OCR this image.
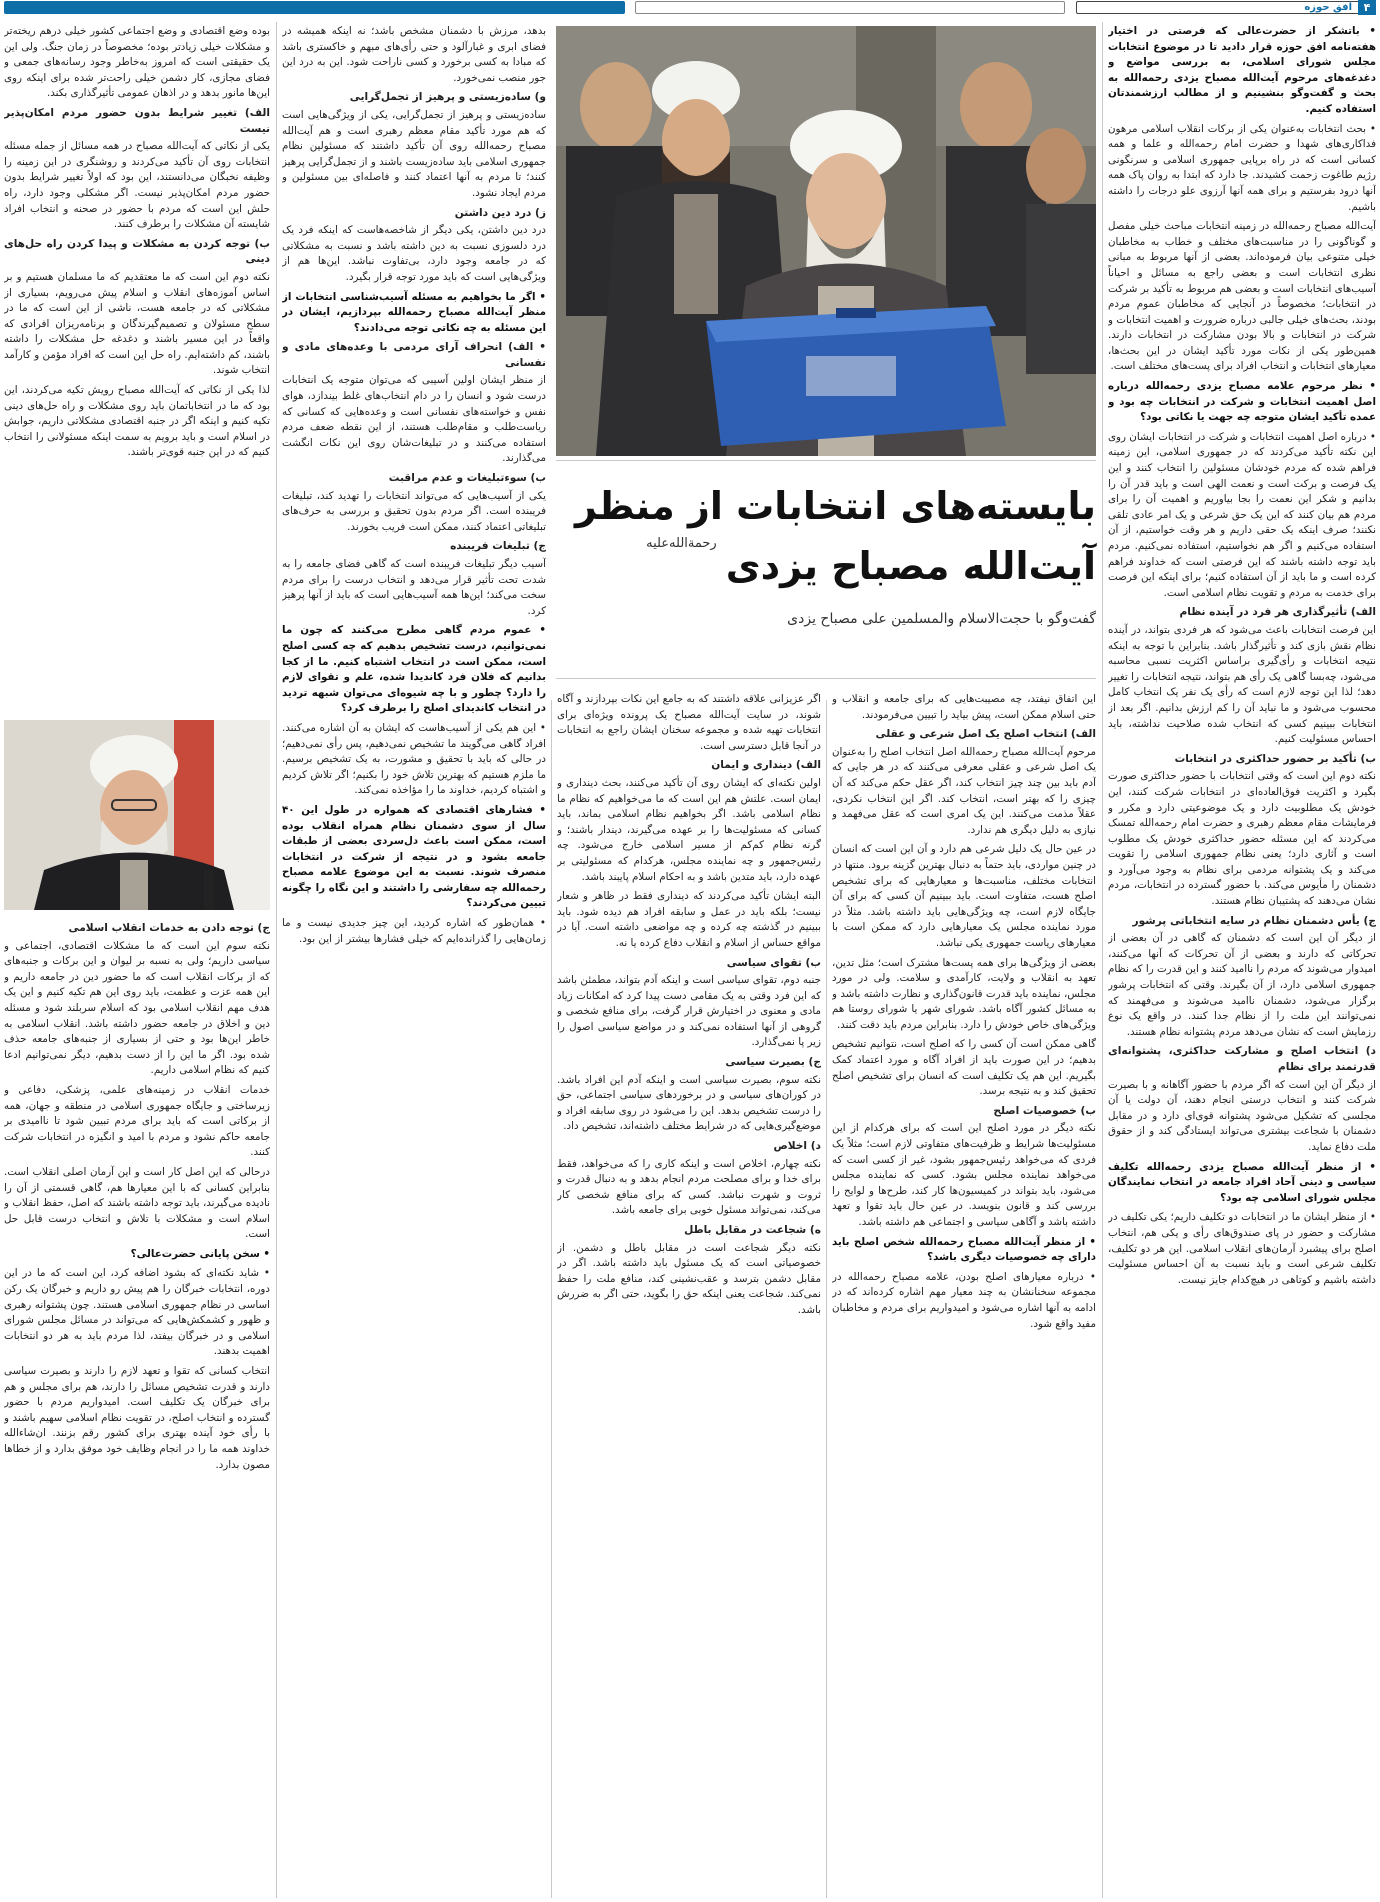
۴
افق حوزه

• باتشکر از حضرت‌عالی که فرصتی در اختیار هفته‌نامه افق حوزه قرار دادید تا در موضوع انتخابات مجلس شورای اسلامی، به بررسی مواضع و دغدغه‌های مرحوم آیت‌الله مصباح یزدی رحمه‌الله به بحث و گفت‌وگو بنشینیم و از مطالب ارزشمندتان استفاده کنیم.

• بحث انتخابات به‌عنوان یکی از برکات انقلاب اسلامی مرهون فداکاری‌های شهدا و حضرت امام رحمه‌الله و علما و همه کسانی است که در راه برپایی جمهوری اسلامی و سرنگونی رژیم طاغوت زحمت کشیدند. جا دارد که ابتدا به روان پاک همه آنها درود بفرستیم و برای همه آنها آرزوی علو درجات را داشته باشیم.

آیت‌الله مصباح رحمه‌الله در زمینه انتخابات مباحث خیلی مفصل و گوناگونی را در مناسبت‌های مختلف و خطاب به مخاطبان خیلی متنوعی بیان فرموده‌اند. بعضی از آنها مربوط به مبانی نظری انتخابات است و بعضی راجع به مسائل و احیاناً آسیب‌های انتخابات است و بعضی هم مربوط به تأکید بر شرکت در انتخابات؛ مخصوصاً در آنجایی که مخاطبان عموم مردم بودند، بحث‌های خیلی جالبی درباره ضرورت و اهمیت انتخابات و شرکت در انتخابات و بالا بودن مشارکت در انتخابات دارند. همین‌طور یکی از نکات مورد تأکید ایشان در این بحث‌ها، معیارهای انتخابات و انتخاب افراد برای پست‌های مختلف است.

• نظر مرحوم علامه مصباح یزدی رحمه‌الله درباره اصل اهمیت انتخابات و شرکت در انتخابات چه بود و عمده تأکید ایشان متوجه چه جهت یا نکاتی بود؟

• درباره اصل اهمیت انتخابات و شرکت در انتخابات ایشان روی این نکته تأکید می‌کردند که در جمهوری اسلامی، این زمینه فراهم شده که مردم خودشان مسئولین را انتخاب کنند و این یک فرصت و برکت است و نعمت الهی است و باید قدر آن را بدانیم و شکر این نعمت را بجا بیاوریم و اهمیت آن را برای مردم هم بیان کنند که این یک حق شرعی و یک امر عادی تلقی نکنند؛ صرف اینکه یک حقی داریم و هر وقت خواستیم، از آن استفاده می‌کنیم و اگر هم نخواستیم، استفاده نمی‌کنیم. مردم باید توجه داشته باشند که این فرصتی است که خداوند فراهم کرده است و ما باید از آن استفاده کنیم؛ برای اینکه این فرصت برای خدمت به مردم و تقویت نظام اسلامی است.

الف) تأثیرگذاری هر فرد در آینده نظام

این فرصت انتخابات باعث می‌شود که هر فردی بتواند، در آینده نظام نقش بازی کند و تأثیرگذار باشد. بنابراین با توجه به اینکه نتیجه انتخابات و رأی‌گیری براساس اکثریت نسبی محاسبه می‌شود، چه‌بسا گاهی یک رأی هم بتواند، نتیجه انتخابات را تغییر دهد؛ لذا این توجه لازم است که رأی یک نفر یک انتخاب کامل محسوب می‌شود و ما نباید آن را کم ارزش بدانیم. اگر بعد از انتخابات ببینیم کسی که انتخاب شده صلاحیت نداشته، باید احساس مسئولیت کنیم.

ب) تأکید بر حضور حداکثری در انتخابات

نکته دوم این است که وقتی انتخابات با حضور حداکثری صورت بگیرد و اکثریت فوق‌العاده‌ای در انتخابات شرکت کنند، این خودش یک مطلوبیت دارد و یک موضوعیتی دارد و مکرر و فرمایشات مقام معظم رهبری و حضرت امام رحمه‌الله تمسک می‌کردند که این مسئله حضور حداکثری خودش یک مطلوب است و آثاری دارد؛ یعنی نظام جمهوری اسلامی را تقویت می‌کند و یک پشتوانه مردمی برای نظام به وجود می‌آورد و دشمنان را مأیوس می‌کند. با حضور گسترده در انتخابات، مردم نشان می‌دهند که پشتیبان نظام هستند.

ج) یأس دشمنان نظام در سایه انتخاباتی پرشور

از دیگر آن این است که دشمنان که گاهی در آن بعضی از تحرکاتی که دارند و بعضی از آن تحرکات که آنها می‌کنند، امیدوار می‌شوند که مردم را ناامید کنند و این قدرت را که نظام جمهوری اسلامی دارد، از آن بگیرند. وقتی که انتخابات پرشور برگزار می‌شود، دشمنان ناامید می‌شوند و می‌فهمند که نمی‌توانند این ملت را از نظام جدا کنند. در واقع یک نوع رزمایش است که نشان می‌دهد مردم پشتوانه نظام هستند.

د) انتخاب اصلح و مشارکت حداکثری، پشتوانه‌ای قدرتمند برای نظام

از دیگر آن این است که اگر مردم با حضور آگاهانه و با بصیرت شرکت کنند و انتخاب درستی انجام دهند، آن دولت یا آن مجلسی که تشکیل می‌شود پشتوانه قوی‌ای دارد و در مقابل دشمنان با شجاعت بیشتری می‌تواند ایستادگی کند و از حقوق ملت دفاع نماید.

• از منظر آیت‌الله مصباح یزدی رحمه‌الله تکلیف سیاسی و دینی آحاد افراد جامعه در انتخاب نمایندگان مجلس شورای اسلامی چه بود؟

• از منظر ایشان ما در انتخابات دو تکلیف داریم؛ یکی تکلیف در مشارکت و حضور در پای صندوق‌های رأی و یکی هم، انتخاب اصلح برای پیشبرد آرمان‌های انقلاب اسلامی. این هر دو تکلیف، تکلیف شرعی است و باید نسبت به آن احساس مسئولیت داشته باشیم و کوتاهی در هیچ‌کدام جایز نیست.

بایسته‌های انتخابات از منظر
آیت‌الله مصباح یزدی $^{رحمة‌الله‌علیه}$
گفت‌وگو با حجت‌الاسلام والمسلمین علی مصباح یزدی

این اتفاق نیفتد، چه مصیبت‌هایی که برای جامعه و انقلاب و حتی اسلام ممکن است، پیش بیاید را تبیین می‌فرمودند.

الف) انتخاب اصلح یک اصل شرعی و عقلی

مرحوم آیت‌الله مصباح رحمه‌الله اصل انتخاب اصلح را به‌عنوان یک اصل شرعی و عقلی معرفی می‌کنند که در هر جایی که آدم باید بین چند چیز انتخاب کند، اگر عقل حکم می‌کند که آن چیزی را که بهتر است، انتخاب کند. اگر این انتخاب نکردی، عقلاً مذمت می‌کنند. این یک امری است که عقل می‌فهمد و نیازی به دلیل دیگری هم ندارد.

در عین حال یک دلیل شرعی هم دارد و آن این است که انسان در چنین مواردی، باید حتماً به دنبال بهترین گزینه برود. منتها در انتخابات مختلف، مناسبت‌ها و معیارهایی که برای تشخیص اصلح هست، متفاوت است. باید ببینیم آن کسی که برای آن جایگاه لازم است، چه ویژگی‌هایی باید داشته باشد. مثلاً در مورد نماینده مجلس یک معیارهایی دارد که ممکن است با معیارهای ریاست جمهوری یکی نباشد.

بعضی از ویژگی‌ها برای همه پست‌ها مشترک است؛ مثل تدین، تعهد به انقلاب و ولایت، کارآمدی و سلامت. ولی در مورد مجلس، نماینده باید قدرت قانون‌گذاری و نظارت داشته باشد و به مسائل کشور آگاه باشد. شورای شهر یا شورای روستا هم ویژگی‌های خاص خودش را دارد. بنابراین مردم باید دقت کنند.

گاهی ممکن است آن کسی را که اصلح است، نتوانیم تشخیص بدهیم؛ در این صورت باید از افراد آگاه و مورد اعتماد کمک بگیریم. این هم یک تکلیف است که انسان برای تشخیص اصلح تحقیق کند و به نتیجه برسد.

ب) خصوصیات اصلح

نکته دیگر در مورد اصلح این است که برای هرکدام از این مسئولیت‌ها شرایط و ظرفیت‌های متفاوتی لازم است؛ مثلاً یک فردی که می‌خواهد رئیس‌جمهور بشود، غیر از کسی است که می‌خواهد نماینده مجلس بشود. کسی که نماینده مجلس می‌شود، باید بتواند در کمیسیون‌ها کار کند، طرح‌ها و لوایح را بررسی کند و قانون بنویسد. در عین حال باید تقوا و تعهد داشته باشد و آگاهی سیاسی و اجتماعی هم داشته باشد.

• از منظر آیت‌الله مصباح رحمه‌الله شخص اصلح باید دارای چه خصوصیات دیگری باشد؟

• درباره معیارهای اصلح بودن، علامه مصباح رحمه‌الله در مجموعه سخنانشان به چند معیار مهم اشاره کرده‌اند که در ادامه به آنها اشاره می‌شود و امیدواریم برای مردم و مخاطبان مفید واقع شود.

اگر عزیزانی علاقه داشتند که به جامع این نکات بپردازند و آگاه شوند، در سایت آیت‌الله مصباح یک پرونده ویژه‌ای برای انتخابات تهیه شده و مجموعه سخنان ایشان راجع به انتخابات در آنجا قابل دسترسی است.

الف) دینداری و ایمان

اولین نکته‌ای که ایشان روی آن تأکید می‌کنند، بحث دینداری و ایمان است. علتش هم این است که ما می‌خواهیم که نظام ما نظام اسلامی باشد. اگر بخواهیم نظام اسلامی بماند، باید کسانی که مسئولیت‌ها را بر عهده می‌گیرند، دیندار باشند؛ و گرنه نظام کم‌کم از مسیر اسلامی خارج می‌شود. چه رئیس‌جمهور و چه نماینده مجلس، هرکدام که مسئولیتی بر عهده دارد، باید متدین باشد و به احکام اسلام پایبند باشد.

البته ایشان تأکید می‌کردند که دینداری فقط در ظاهر و شعار نیست؛ بلکه باید در عمل و سابقه افراد هم دیده شود. باید ببینیم در گذشته چه کرده و چه مواضعی داشته است. آیا در مواقع حساس از اسلام و انقلاب دفاع کرده یا نه.

ب) تقوای سیاسی

جنبه دوم، تقوای سیاسی است و اینکه آدم بتواند، مطمئن باشد که این فرد وقتی به یک مقامی دست پیدا کرد که امکانات زیاد مادی و معنوی در اختیارش قرار گرفت، برای منافع شخصی و گروهی از آنها استفاده نمی‌کند و در مواضع سیاسی اصول را زیر پا نمی‌گذارد.

ج) بصیرت سیاسی

نکته سوم، بصیرت سیاسی است و اینکه آدم این افراد باشد. در کوران‌های سیاسی و در برخوردهای سیاسی اجتماعی، حق را درست تشخیص بدهد. این را می‌شود در روی سابقه افراد و موضع‌گیری‌هایی که در شرایط مختلف داشته‌اند، تشخیص داد.

د) اخلاص

نکته چهارم، اخلاص است و اینکه کاری را که می‌خواهد، فقط برای خدا و برای مصلحت مردم انجام بدهد و به دنبال قدرت و ثروت و شهرت نباشد. کسی که برای منافع شخصی کار می‌کند، نمی‌تواند مسئول خوبی برای جامعه باشد.

ه) شجاعت در مقابل باطل

نکته دیگر شجاعت است در مقابل باطل و دشمن. از خصوصیاتی است که یک مسئول باید داشته باشد. اگر در مقابل دشمن بترسد و عقب‌نشینی کند، منافع ملت را حفظ نمی‌کند. شجاعت یعنی اینکه حق را بگوید، حتی اگر به ضررش باشد.

بدهد، مرزش با دشمنان مشخص باشد؛ نه اینکه همیشه در فضای ابری و غبارآلود و حتی رأی‌های مبهم و خاکستری باشد که مبادا به کسی برخورد و کسی ناراحت شود. این به درد این جور منصب نمی‌خورد.

و) ساده‌زیستی و پرهیز از تجمل‌گرایی

ساده‌زیستی و پرهیز از تجمل‌گرایی، یکی از ویژگی‌هایی است که هم مورد تأکید مقام معظم رهبری است و هم آیت‌الله مصباح رحمه‌الله روی آن تأکید داشتند که مسئولین نظام جمهوری اسلامی باید ساده‌زیست باشند و از تجمل‌گرایی پرهیز کنند؛ تا مردم به آنها اعتماد کنند و فاصله‌ای بین مسئولین و مردم ایجاد نشود.

ز) درد دین داشتن

درد دین داشتن، یکی دیگر از شاخصه‌هاست که اینکه فرد یک درد دلسوزی نسبت به دین داشته باشد و نسبت به مشکلاتی که در جامعه وجود دارد، بی‌تفاوت نباشد. این‌ها هم از ویژگی‌هایی است که باید مورد توجه قرار بگیرد.

• اگر ما بخواهیم به مسئله آسیب‌شناسی انتخابات از منظر آیت‌الله مصباح رحمه‌الله بپردازیم، ایشان در این مسئله به چه نکاتی توجه می‌دادند؟

• الف) انحراف آرای مردمی با وعده‌های مادی و نفسانی

از منظر ایشان اولین آسیبی که می‌توان متوجه یک انتخابات درست شود و انسان را در دام انتخاب‌های غلط بیندازد، هوای نفس و خواسته‌های نفسانی است و وعده‌هایی که کسانی که ریاست‌طلب و مقام‌طلب هستند، از این نقطه ضعف مردم استفاده می‌کنند و در تبلیغات‌شان روی این نکات انگشت می‌گذارند.

ب) سوءتبلیغات و عدم مراقبت

یکی از آسیب‌هایی که می‌تواند انتخابات را تهدید کند، تبلیغات فریبنده است. اگر مردم بدون تحقیق و بررسی به حرف‌های تبلیغاتی اعتماد کنند، ممکن است فریب بخورند.

ج) تبلیغات فریبنده

آسیب دیگر تبلیغات فریبنده است که گاهی فضای جامعه را به شدت تحت تأثیر قرار می‌دهد و انتخاب درست را برای مردم سخت می‌کند؛ این‌ها همه آسیب‌هایی است که باید از آنها پرهیز کرد.

• عموم مردم گاهی مطرح می‌کنند که چون ما نمی‌توانیم، درست تشخیص بدهیم که چه کسی اصلح است، ممکن است در انتخاب اشتباه کنیم. ما از کجا بدانیم که فلان فرد کاندیدا شده، علم و تقوای لازم را دارد؟ چطور و با چه شیوه‌ای می‌توان شبهه تردید در انتخاب کاندیدای اصلح را برطرف کرد؟

• این هم یکی از آسیب‌هاست که ایشان به آن اشاره می‌کنند. افراد گاهی می‌گویند ما تشخیص نمی‌دهیم، پس رأی نمی‌دهیم؛ در حالی که باید با تحقیق و مشورت، به یک تشخیص برسیم. ما ملزم هستیم که بهترین تلاش خود را بکنیم؛ اگر تلاش کردیم و اشتباه کردیم، خداوند ما را مؤاخذه نمی‌کند.

• فشارهای اقتصادی که همواره در طول این ۴۰ سال از سوی دشمنان نظام همراه انقلاب بوده است، ممکن است باعث دل‌سردی بعضی از طبقات جامعه بشود و در نتیجه از شرکت در انتخابات منصرف شوند. نسبت به این موضوع علامه مصباح رحمه‌الله چه سفارشی را داشتند و این نگاه را چگونه تبیین می‌کردند؟

• همان‌طور که اشاره کردید، این چیز جدیدی نیست و ما زمان‌هایی را گذرانده‌ایم که خیلی فشارها بیشتر از این بود.

بوده وضع اقتصادی و وضع اجتماعی کشور خیلی درهم ریخته‌تر و مشکلات خیلی زیادتر بوده؛ مخصوصاً در زمان جنگ. ولی این یک حقیقتی است که امروز به‌خاطر وجود رسانه‌های جمعی و فضای مجازی، کار دشمن خیلی راحت‌تر شده برای اینکه روی این‌ها مانور بدهد و در اذهان عمومی تأثیرگذاری بکند.

الف) تغییر شرایط بدون حضور مردم امکان‌پذیر نیست

یکی از نکاتی که آیت‌الله مصباح در همه مسائل از جمله مسئله انتخابات روی آن تأکید می‌کردند و روشنگری در این زمینه را وظیفه نخبگان می‌دانستند، این بود که اولاً تغییر شرایط بدون حضور مردم امکان‌پذیر نیست. اگر مشکلی وجود دارد، راه حلش این است که مردم با حضور در صحنه و انتخاب افراد شایسته آن مشکلات را برطرف کنند.

ب) توجه کردن به مشکلات و پیدا کردن راه حل‌های دینی

نکته دوم این است که ما معتقدیم که ما مسلمان هستیم و بر اساس آموزه‌های انقلاب و اسلام پیش می‌رویم، بسیاری از مشکلاتی که در جامعه هست، ناشی از این است که ما در سطح مسئولان و تصمیم‌گیرندگان و برنامه‌ریزان افرادی که واقعاً در این مسیر باشند و دغدغه حل مشکلات را داشته باشند، کم داشته‌ایم. راه حل این است که افراد مؤمن و کارآمد انتخاب شوند.

لذا یکی از نکاتی که آیت‌الله مصباح رویش تکیه می‌کردند، این بود که ما در انتخاباتمان باید روی مشکلات و راه حل‌های دینی تکیه کنیم و اینکه اگر در جنبه اقتصادی مشکلاتی داریم، جوابش در اسلام است و باید برویم به سمت اینکه مسئولانی را انتخاب کنیم که در این جنبه قوی‌تر باشند.

ج) توجه دادن به خدمات انقلاب اسلامی

نکته سوم این است که ما مشکلات اقتصادی، اجتماعی و سیاسی داریم؛ ولی به نسبه بر لیوان و این برکات و جنبه‌های که از برکات انقلاب است که ما حضور دین در جامعه داریم و این همه عزت و عظمت، باید روی این هم تکیه کنیم و این یک هدف مهم انقلاب اسلامی بود که اسلام سربلند شود و مسئله دین و اخلاق در جامعه حضور داشته باشد. انقلاب اسلامی به خاطر این‌ها بود و حتی از بسیاری از جنبه‌های جامعه حذف شده بود. اگر ما این را از دست بدهیم، دیگر نمی‌توانیم ادعا کنیم که نظام اسلامی داریم.

خدمات انقلاب در زمینه‌های علمی، پزشکی، دفاعی و زیرساختی و جایگاه جمهوری اسلامی در منطقه و جهان، همه از برکاتی است که باید برای مردم تبیین شود تا ناامیدی بر جامعه حاکم نشود و مردم با امید و انگیزه در انتخابات شرکت کنند.

درحالی که این اصل کار است و این آرمان اصلی انقلاب است. بنابراین کسانی که با این معیارها هم، گاهی قسمتی از آن را نادیده می‌گیرند، باید توجه داشته باشند که اصل، حفظ انقلاب و اسلام است و مشکلات با تلاش و انتخاب درست قابل حل است.

• سخن پایانی حضرت‌عالی؟

• شاید نکته‌ای که بشود اضافه کرد، این است که ما در این دوره، انتخابات خبرگان را هم پیش رو داریم و خبرگان یک رکن اساسی در نظام جمهوری اسلامی هستند. چون پشتوانه رهبری و ظهور و کشمکش‌هایی که می‌تواند در مسائل مجلس شورای اسلامی و در خبرگان بیفتد، لذا مردم باید به هر دو انتخابات اهمیت بدهند.

انتخاب کسانی که تقوا و تعهد لازم را دارند و بصیرت سیاسی دارند و قدرت تشخیص مسائل را دارند، هم برای مجلس و هم برای خبرگان یک تکلیف است. امیدواریم مردم با حضور گسترده و انتخاب اصلح، در تقویت نظام اسلامی سهیم باشند و با رأی خود آینده بهتری برای کشور رقم بزنند. ان‌شاءالله خداوند همه ما را در انجام وظایف خود موفق بدارد و از خطاها مصون بدارد.
